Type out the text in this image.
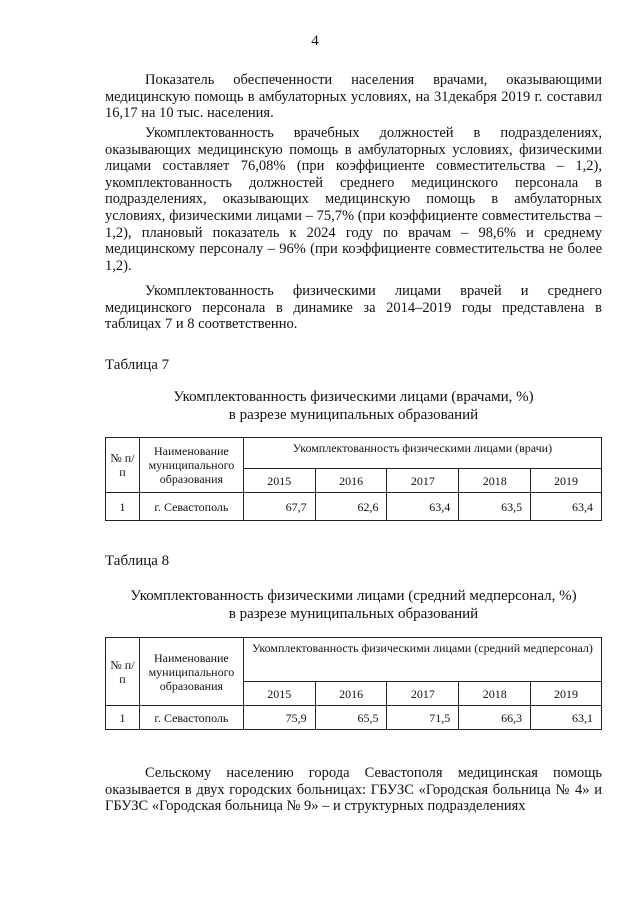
4

Показатель обеспеченности населения врачами, оказывающими медицинскую помощь в амбулаторных условиях, на 31декабря 2019 г. составил 16,17 на 10 тыс. населения.

Укомплектованность врачебных должностей в подразделениях, оказывающих медицинскую помощь в амбулаторных условиях, физическими лицами составляет 76,08% (при коэффициенте совместительства – 1,2), укомплектованность должностей среднего медицинского персонала в подразделениях, оказывающих медицинскую помощь в амбулаторных условиях, физическими лицами – 75,7% (при коэффициенте совместительства – 1,2), плановый показатель к 2024 году по врачам – 98,6% и среднему медицинскому персоналу – 96% (при коэффициенте совместительства не более 1,2).

Укомплектованность физическими лицами врачей и среднего медицинского персонала в динамике за 2014–2019 годы представлена в таблицах 7 и 8 соответственно.

Таблица 7
Укомплектованность физическими лицами (врачами, %)
в разрезе муниципальных образований
№ п/п	Наименование муниципального образования	Укомплектованность физическими лицами (врачи)				
		2015	2016	2017	2018	2019
1	г. Севастополь	67,7	62,6	63,4	63,5	63,4
Таблица 8
Укомплектованность физическими лицами (средний медперсонал, %)
в разрезе муниципальных образований
№ п/п	Наименование муниципального образования	Укомплектованность физическими лицами (средний медперсонал)				
		2015	2016	2017	2018	2019
1	г. Севастополь	75,9	65,5	71,5	66,3	63,1

Сельскому населению города Севастополя медицинская помощь оказывается в двух городских больницах: ГБУЗС «Городская больница № 4» и ГБУЗС «Городская больница № 9» – и структурных подразделениях
